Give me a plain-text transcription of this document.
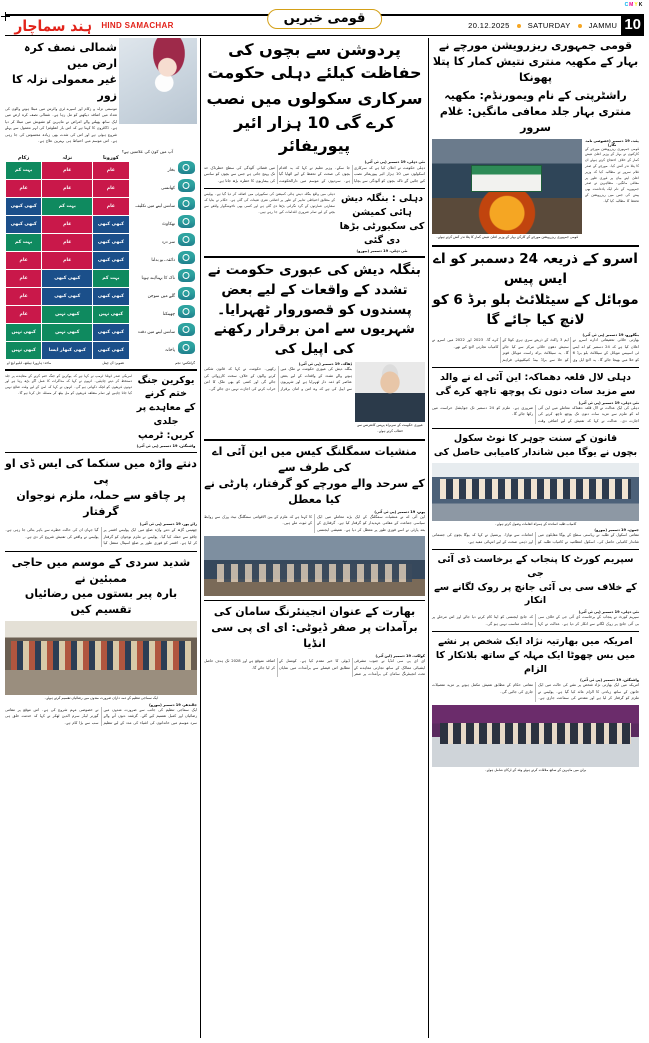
CMYK
ہند سماچار HIND SAMACHAR	قومی خبریں	20.12.2025 SATURDAY JAMMU 10
شمالی نصف کرہ ارض میں
غیر معمولی نزلہ کا زور
موسمی نزلہ و زکام اور اسپرے ٹری وائرس میں مبتلا ہونے والوں کی تعداد میں اضافہ دیکھنے کو مل رہا ہے۔ شمالی نصف کرہ ارض میں ایک ساتھ پھیلنے والے امراض نے ماہرین کو تشویش میں مبتلا کر دیا ہے۔ ڈاکٹروں کا کہنا ہے کہ اس بار انفلوئنزا کی لہر معمول سے پہلے شروع ہوئی ہے اور اس کی شدت بھی زیادہ محسوس کی جا رہی ہے۔ اس موسم میں احتیاط ہی بہترین علاج ہے۔
آپ میں کون کی علامتیں ہے؟
		کورونا	نزلہ	زکام
	بخار	عام	عام	بہت کم
	کھانسی	عام	عام	عام
	سانس لینے میں تکلیف	عام	بہت کم	کبھی کبھی
	تھکاوٹ	کبھی کبھی	عام	کبھی کبھی
	سر درد	کبھی کبھی	عام	بہت کم
	ذائقہ۔بو بدلنا	کبھی کبھی	عام	عام
	ناک کا بہنا/بند ہونا	بہت کم	کبھی کبھی	عام
	گلے میں سوجن	کبھی کبھی	کبھی کبھی	عام
	چھینکنا	کبھی نہیں	کبھی نہیں	عام
	سانس لینے میں دقت	کبھی کبھی	کبھی نہیں	کبھی نہیں
	پاخانہ	کبھی کبھی	کبھی کبھار ایسا	کبھی نہیں
گرافکس: نجم
تصویر: آن چینل
ماخذ: ہارورڈ ہیلتھ، ڈبلیو ایچ او
امریکی صدر ڈونلڈ ٹرمپ نے کہا ہے کہ یوکرین کو جنگ ختم کرنے کے معاہدے پر جلد دستخط کر دینے چاہئیں۔ انہوں نے کہا کہ مذاکرات کا عمل آگے بڑھ رہا ہے اور دونوں فریقوں کو لچک دکھانی ہو گی۔ انہوں نے کہا کہ امن کے لیے وقت ضائع نہیں کیا جانا چاہیے اور تمام متعلقہ فریقوں کو مل بیٹھ کر مسئلہ حل کرنا ہو گا۔
یوکرین جنگ ختم کرنے
کے معاہدے پر جلدی
کریں: ٹرمپ
واشنگٹن، 19 دسمبر (پی ٹی آئی)
دنتے واڑہ میں سنکما کی ایس ڈی او پی
پر چاقو سے حملہ، ملزم نوجوان گرفتار
رائے پور، 19 دسمبر (پی ٹی آئی)
چھتیس گڑھ کے دنتے واڑہ ضلع میں ایک پولیس افسر پر چاقو سے حملہ کیا گیا۔ پولیس نے ملزم نوجوان کو گرفتار کر لیا ہے۔ افسر کو فوری طور پر ضلع اسپتال منتقل کیا گیا جہاں ان کی حالت خطرے سے باہر بتائی جا رہی ہے۔ پولیس نے واقعے کی تفتیش شروع کر دی ہے۔
شدید سردی کے موسم میں حاجی ممبئین نے
بارہ پیر بستوں میں رضائیاں تقسیم کیں
ایک سماجی تنظیم کے ذمہ داران ضرورت مندوں میں رضائیاں تقسیم کرتے ہوئے۔
جالندھر، 19 دسمبر (بیورو)
ایک سماجی تنظیم کی جانب سے ضرورت مندوں میں رضائیاں اور کمبل تقسیم کیے گئے۔ گزشتہ دنوں آنے والے سرد موسم میں خاندانوں کی اشیاء کی مدد کے لیے تنظیم نے خصوصی مہم شروع کی ہے۔ اس موقع پر مقامی گورنر لیڈر سرم الدین ٹھکر نے کہا کہ خدمت خلق ہی سب سے بڑا کام ہے۔
پردوشن سے بچوں کی حفاظت کیلئے دہلی حکومت
سرکاری سکولوں میں نصب کرے گی 10 ہزار ائیر پیوریفائر
نئی دہلی، 19 دسمبر (پی ٹی آئی)
دہلی حکومت نے اعلان کیا ہے کہ سرکاری اسکولوں میں 10 ہزار ائیر پیوریفائر نصب کیے جائیں گے تاکہ بچوں کو آلودگی سے بچایا جا سکے۔ وزیر تعلیم نے کہا کہ یہ اقدام بچوں کی صحت کے تحفظ کے لیے اٹھایا گیا ہے۔ سردیوں کے موسم میں دارالحکومت میں فضائی آلودگی کی سطح خطرناک حد تک پہنچ جاتی ہے جس سے بچوں کو سانس کی بیماریوں کا خطرہ بڑھ جاتا ہے۔
دہلی میں واقع بنگلہ دیش ہائی کمیشن کی سکیورٹی میں اضافہ کر دیا گیا ہے۔ پولیس کے مطابق احتیاطی تدابیر کے طور پر اضافی نفری تعینات کی گئی ہے۔ حکام نے بتایا کہ سفارتی عمارتوں کے گرد نگرانی بڑھا دی گئی ہے اور کسی بھی ناخوشگوار واقعے سے بچنے کے لیے تمام ضروری اقدامات کیے جا رہے ہیں۔
دہلی : بنگلہ دیش ہائی کمیشن
کی سکیورٹی بڑھا دی گئی
نئی دہلی، 19 دسمبر (بیورو)
بنگلہ دیش کی عبوری حکومت نے تشدد کے واقعات کے لیے بعض
پسندوں کو قصوروار ٹھہرایا۔ شہریوں سے امن برقرار رکھنے کی اپیل کی
ڈھاکہ، 19 دسمبر (پی ٹی آئی)
بنگلہ دیش کی عبوری حکومت نے ملک میں ہونے والے تشدد کے واقعات کے لیے بعض عناصر کو ذمہ دار ٹھہرایا ہے اور شہریوں سے اپیل کی ہے کہ وہ امن و امان برقرار رکھیں۔ حکومت نے کہا کہ قانون شکنی کرنے والوں کے خلاف سخت کارروائی کی جائے گی اور کسی کو بھی ملک کا امن خراب کرنے کی اجازت نہیں دی جائے گی۔
عبوری حکومت کے سربراہ پریس کانفرنس سے خطاب کرتے ہوئے۔
منشیات سمگلنگ کیس میں این آئی اے کی طرف سے
کے سرحد والے مورچے کو گرفتار، پارٹی نے کیا معطل
پونے، 19 دسمبر (پی ٹی آئی)
این آئی اے نے منشیات سمگلنگ کے ایک بڑے معاملے میں ایک سیاسی جماعت کے مقامی عہدیدار کو گرفتار کیا ہے۔ گرفتاری کے بعد پارٹی نے اسے فوری طور پر معطل کر دیا ہے۔ تفتیشی ایجنسی کا کہنا ہے کہ ملزم کے بین الاقوامی سمگلنگ نیٹ ورک سے روابط کے ثبوت ملے ہیں۔
بھارت کے عنوان انجینئرنگ سامان کی
برآمدات پر صفر ڈیوٹی: ای ای پی سی انڈیا
کولکتہ، 19 دسمبر (این آئی)
ای ای پی سی انڈیا نے جنوب مشرقی ایشیائی ممالک کے ساتھ تجارتی معاہدے کے تحت انجینئرنگ سامان کی برآمدات پر صفر ڈیوٹی کا خیر مقدم کیا ہے۔ کونسل کے مطابق اس فیصلے سے برآمدات میں نمایاں اضافہ متوقع ہے اور 2028 تک ہدف حاصل کر لیا جائے گا۔
قومی جمہوری ریزرویشن مورچے نے بہار کے مکھیہ منتری نتیش کمار کا پتلا پھونکا
راشٹرپتی کے نام ویمورنڈم: مکھیہ منتری بہار جلد معافی مانگیں: غلام سرور
قومی جمہوری ریزرویشن مورچے کے کارکن بہار کے وزیر اعلیٰ نتیش کمار کا پتلا نذر آتش کرتے ہوئے۔
پٹنہ، 19 دسمبر (خصوصی نامہ نگار)
قومی جمہوری ریزرویشن مورچے کے کارکنوں نے بہار کے وزیر اعلیٰ نتیش کمار کے خلاف احتجاج کرتے ہوئے ان کا پتلا نذر آتش کیا۔ مورچے کے صدر غلام سرور نے مطالبہ کیا کہ وزیر اعلیٰ اپنے بیان پر فوری طور پر معافی مانگیں۔ مظاہرین نے صدر جمہوریہ کے نام ایک یادداشت بھی پیش کی جس میں ریزرویشن کے تحفظ کا مطالبہ کیا گیا۔
اسرو کے ذریعہ 24 دسمبر کو اے ایس پیس
موبائل کے سیٹلائٹ بلو برڈ 6 کو لانچ کیا جائے گا
بنگلورو، 19 دسمبر (پی ٹی آئی)
بھارتی خلائی تحقیقاتی ادارے اسرو نے اعلان کیا ہے کہ 24 دسمبر کو اے ایس ٹی اسپیس موبائل کے سیٹلائٹ بلو برڈ 6 کو خلا میں بھیجا جائے گا۔ یہ لانچ ایل وی ایم 3 راکٹ کے ذریعے سری ہری کوٹا کے ستیش دھون خلائی مرکز سے کیا جائے گا۔ یہ سیٹلائٹ براہ راست موبائل فونز کو خلا سے براڈ بینڈ کنیکٹیویٹی فراہم کرے گا۔ 2023 اور 2022 میں اسرو نے کامیاب تجارتی لانچ کیے تھے۔
دہلی لال قلعہ دھماکہ: این آئی اے نے والد
سے مزید سات دنوں تک پوچھ تاچھ کرے گی
نئی دہلی، 19 دسمبر (پی ٹی آئی)
دہلی کی ایک عدالت نے لال قلعہ دھماکہ معاملے میں این آئی اے کو ملزم سے مزید سات دنوں تک پوچھ تاچھ کرنے کی اجازت دی۔ عدالت نے کہا کہ تفتیش کے لیے اضافی وقت ضروری ہے۔ ملزم کو 24 دسمبر تک جوڈیشل حراست میں رکھا جائے گا۔
قانون کے سنت جوہر کا نوٹ سکول
بچوں نے یوگا میں شاندار کامیابی حاصل کی
کامیاب طلبہ اساتذہ کے ہمراہ انعامات وصول کرتے ہوئے۔
جموں، 19 دسمبر (بیورو)
مقامی اسکول کے طلبہ نے ریاستی سطح کے یوگا مقابلوں میں شاندار کامیابی حاصل کی۔ اسکول انتظامیہ نے کامیاب طلبہ کو انعامات سے نوازا۔ پرنسپل نے کہا کہ یوگا بچوں کی جسمانی اور ذہنی صحت کے لیے انتہائی مفید ہے۔
سپریم کورٹ کا پنجاب کے برخاست ڈی آئی جی
کے خلاف سی بی آئی جانچ پر روک لگانے سے انکار
نئی دہلی، 19 دسمبر (پی ٹی آئی)
سپریم کورٹ نے پنجاب کے برخاست ڈی آئی جی کے خلاف سی بی آئی جانچ پر روک لگانے سے انکار کر دیا ہے۔ عدالت نے کہا کہ جانچ ایجنسی کو اپنا کام کرنے دیا جائے اور اس مرحلے پر مداخلت مناسب نہیں ہو گی۔
امریکہ میں بھارتیہ نژاد ایک شخص پر نشے
میں بس چھوٹا ایک مہلہ کے ساتھ بلاتکار کا الزام
واشنگٹن، 19 دسمبر (پی ٹی آئی)
امریکہ میں ایک بھارتی نژاد شخص پر نشے کی حالت میں ایک خاتون کے ساتھ زیادتی کا الزام عائد کیا گیا ہے۔ پولیس نے ملزم کو گرفتار کر لیا ہے اور مقدمے کی سماعت جاری ہے۔ مقامی حکام کے مطابق تفتیش مکمل ہونے پر مزید تفصیلات جاری کی جائیں گی۔
برلن میں ماہرین کے ساتھ ملاقات کرتے ہوئے وفد کے ارکان شامل ہوئے۔
